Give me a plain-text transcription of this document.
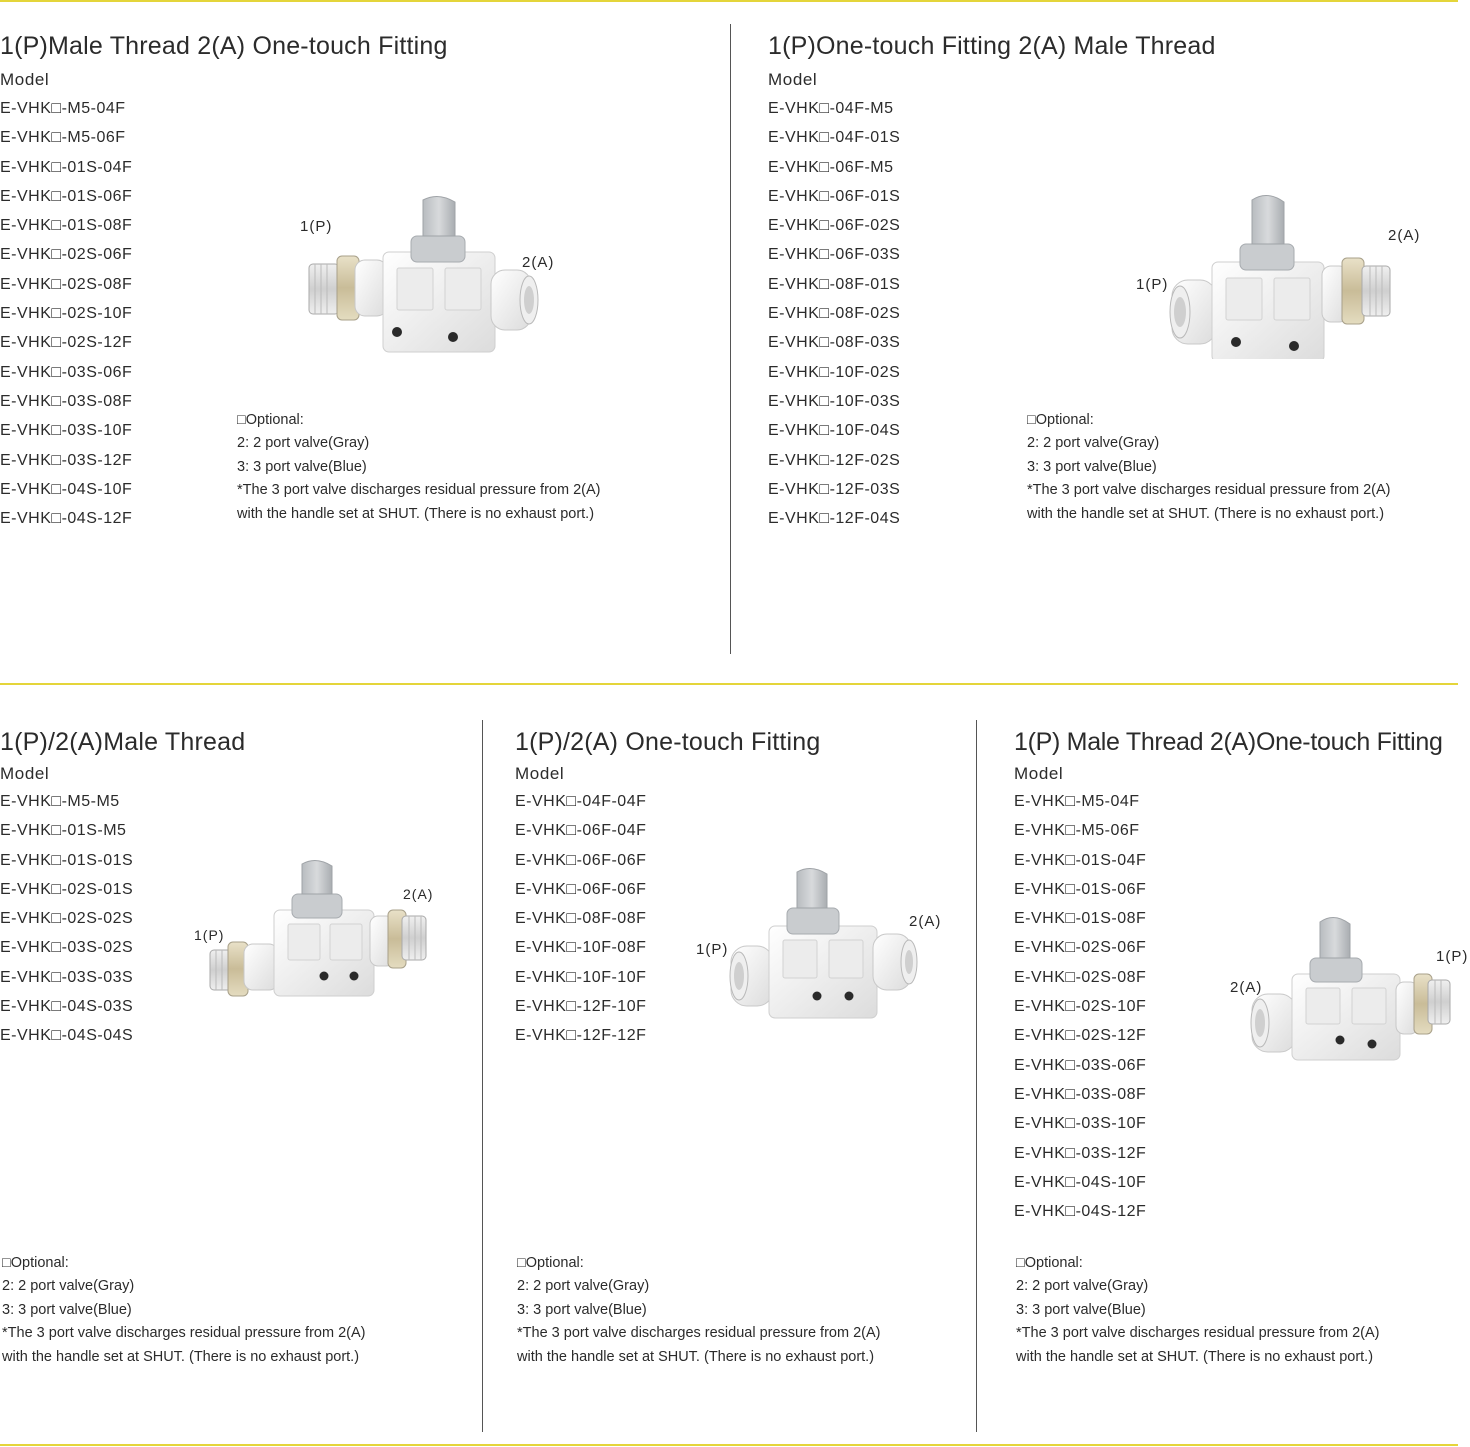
1(P)Male Thread 2(A) One-touch Fitting
Model
E-VHK□-M5-04F
E-VHK□-M5-06F
E-VHK□-01S-04F
E-VHK□-01S-06F
E-VHK□-01S-08F
E-VHK□-02S-06F
E-VHK□-02S-08F
E-VHK□-02S-10F
E-VHK□-02S-12F
E-VHK□-03S-06F
E-VHK□-03S-08F
E-VHK□-03S-10F
E-VHK□-03S-12F
E-VHK□-04S-10F
E-VHK□-04S-12F
1(P)
2(A)
□Optional:
2: 2 port valve(Gray)
3: 3 port valve(Blue)
*The 3 port valve discharges residual pressure from 2(A)
with the handle set at SHUT. (There is no exhaust port.)
1(P)One-touch Fitting 2(A) Male Thread
Model
E-VHK□-04F-M5
E-VHK□-04F-01S
E-VHK□-06F-M5
E-VHK□-06F-01S
E-VHK□-06F-02S
E-VHK□-06F-03S
E-VHK□-08F-01S
E-VHK□-08F-02S
E-VHK□-08F-03S
E-VHK□-10F-02S
E-VHK□-10F-03S
E-VHK□-10F-04S
E-VHK□-12F-02S
E-VHK□-12F-03S
E-VHK□-12F-04S
1(P)
2(A)
□Optional:
2: 2 port valve(Gray)
3: 3 port valve(Blue)
*The 3 port valve discharges residual pressure from 2(A)
with the handle set at SHUT. (There is no exhaust port.)
1(P)/2(A)Male Thread
Model
E-VHK□-M5-M5
E-VHK□-01S-M5
E-VHK□-01S-01S
E-VHK□-02S-01S
E-VHK□-02S-02S
E-VHK□-03S-02S
E-VHK□-03S-03S
E-VHK□-04S-03S
E-VHK□-04S-04S
1(P)
2(A)
□Optional:
2: 2 port valve(Gray)
3: 3 port valve(Blue)
*The 3 port valve discharges residual pressure from 2(A)
with the handle set at SHUT. (There is no exhaust port.)
1(P)/2(A) One-touch Fitting
Model
E-VHK□-04F-04F
E-VHK□-06F-04F
E-VHK□-06F-06F
E-VHK□-06F-06F
E-VHK□-08F-08F
E-VHK□-10F-08F
E-VHK□-10F-10F
E-VHK□-12F-10F
E-VHK□-12F-12F
1(P)
2(A)
□Optional:
2: 2 port valve(Gray)
3: 3 port valve(Blue)
*The 3 port valve discharges residual pressure from 2(A)
with the handle set at SHUT. (There is no exhaust port.)
1(P) Male Thread 2(A)One-touch Fitting
Model
E-VHK□-M5-04F
E-VHK□-M5-06F
E-VHK□-01S-04F
E-VHK□-01S-06F
E-VHK□-01S-08F
E-VHK□-02S-06F
E-VHK□-02S-08F
E-VHK□-02S-10F
E-VHK□-02S-12F
E-VHK□-03S-06F
E-VHK□-03S-08F
E-VHK□-03S-10F
E-VHK□-03S-12F
E-VHK□-04S-10F
E-VHK□-04S-12F
2(A)
1(P)
□Optional:
2: 2 port valve(Gray)
3: 3 port valve(Blue)
*The 3 port valve discharges residual pressure from 2(A)
with the handle set at SHUT. (There is no exhaust port.)
